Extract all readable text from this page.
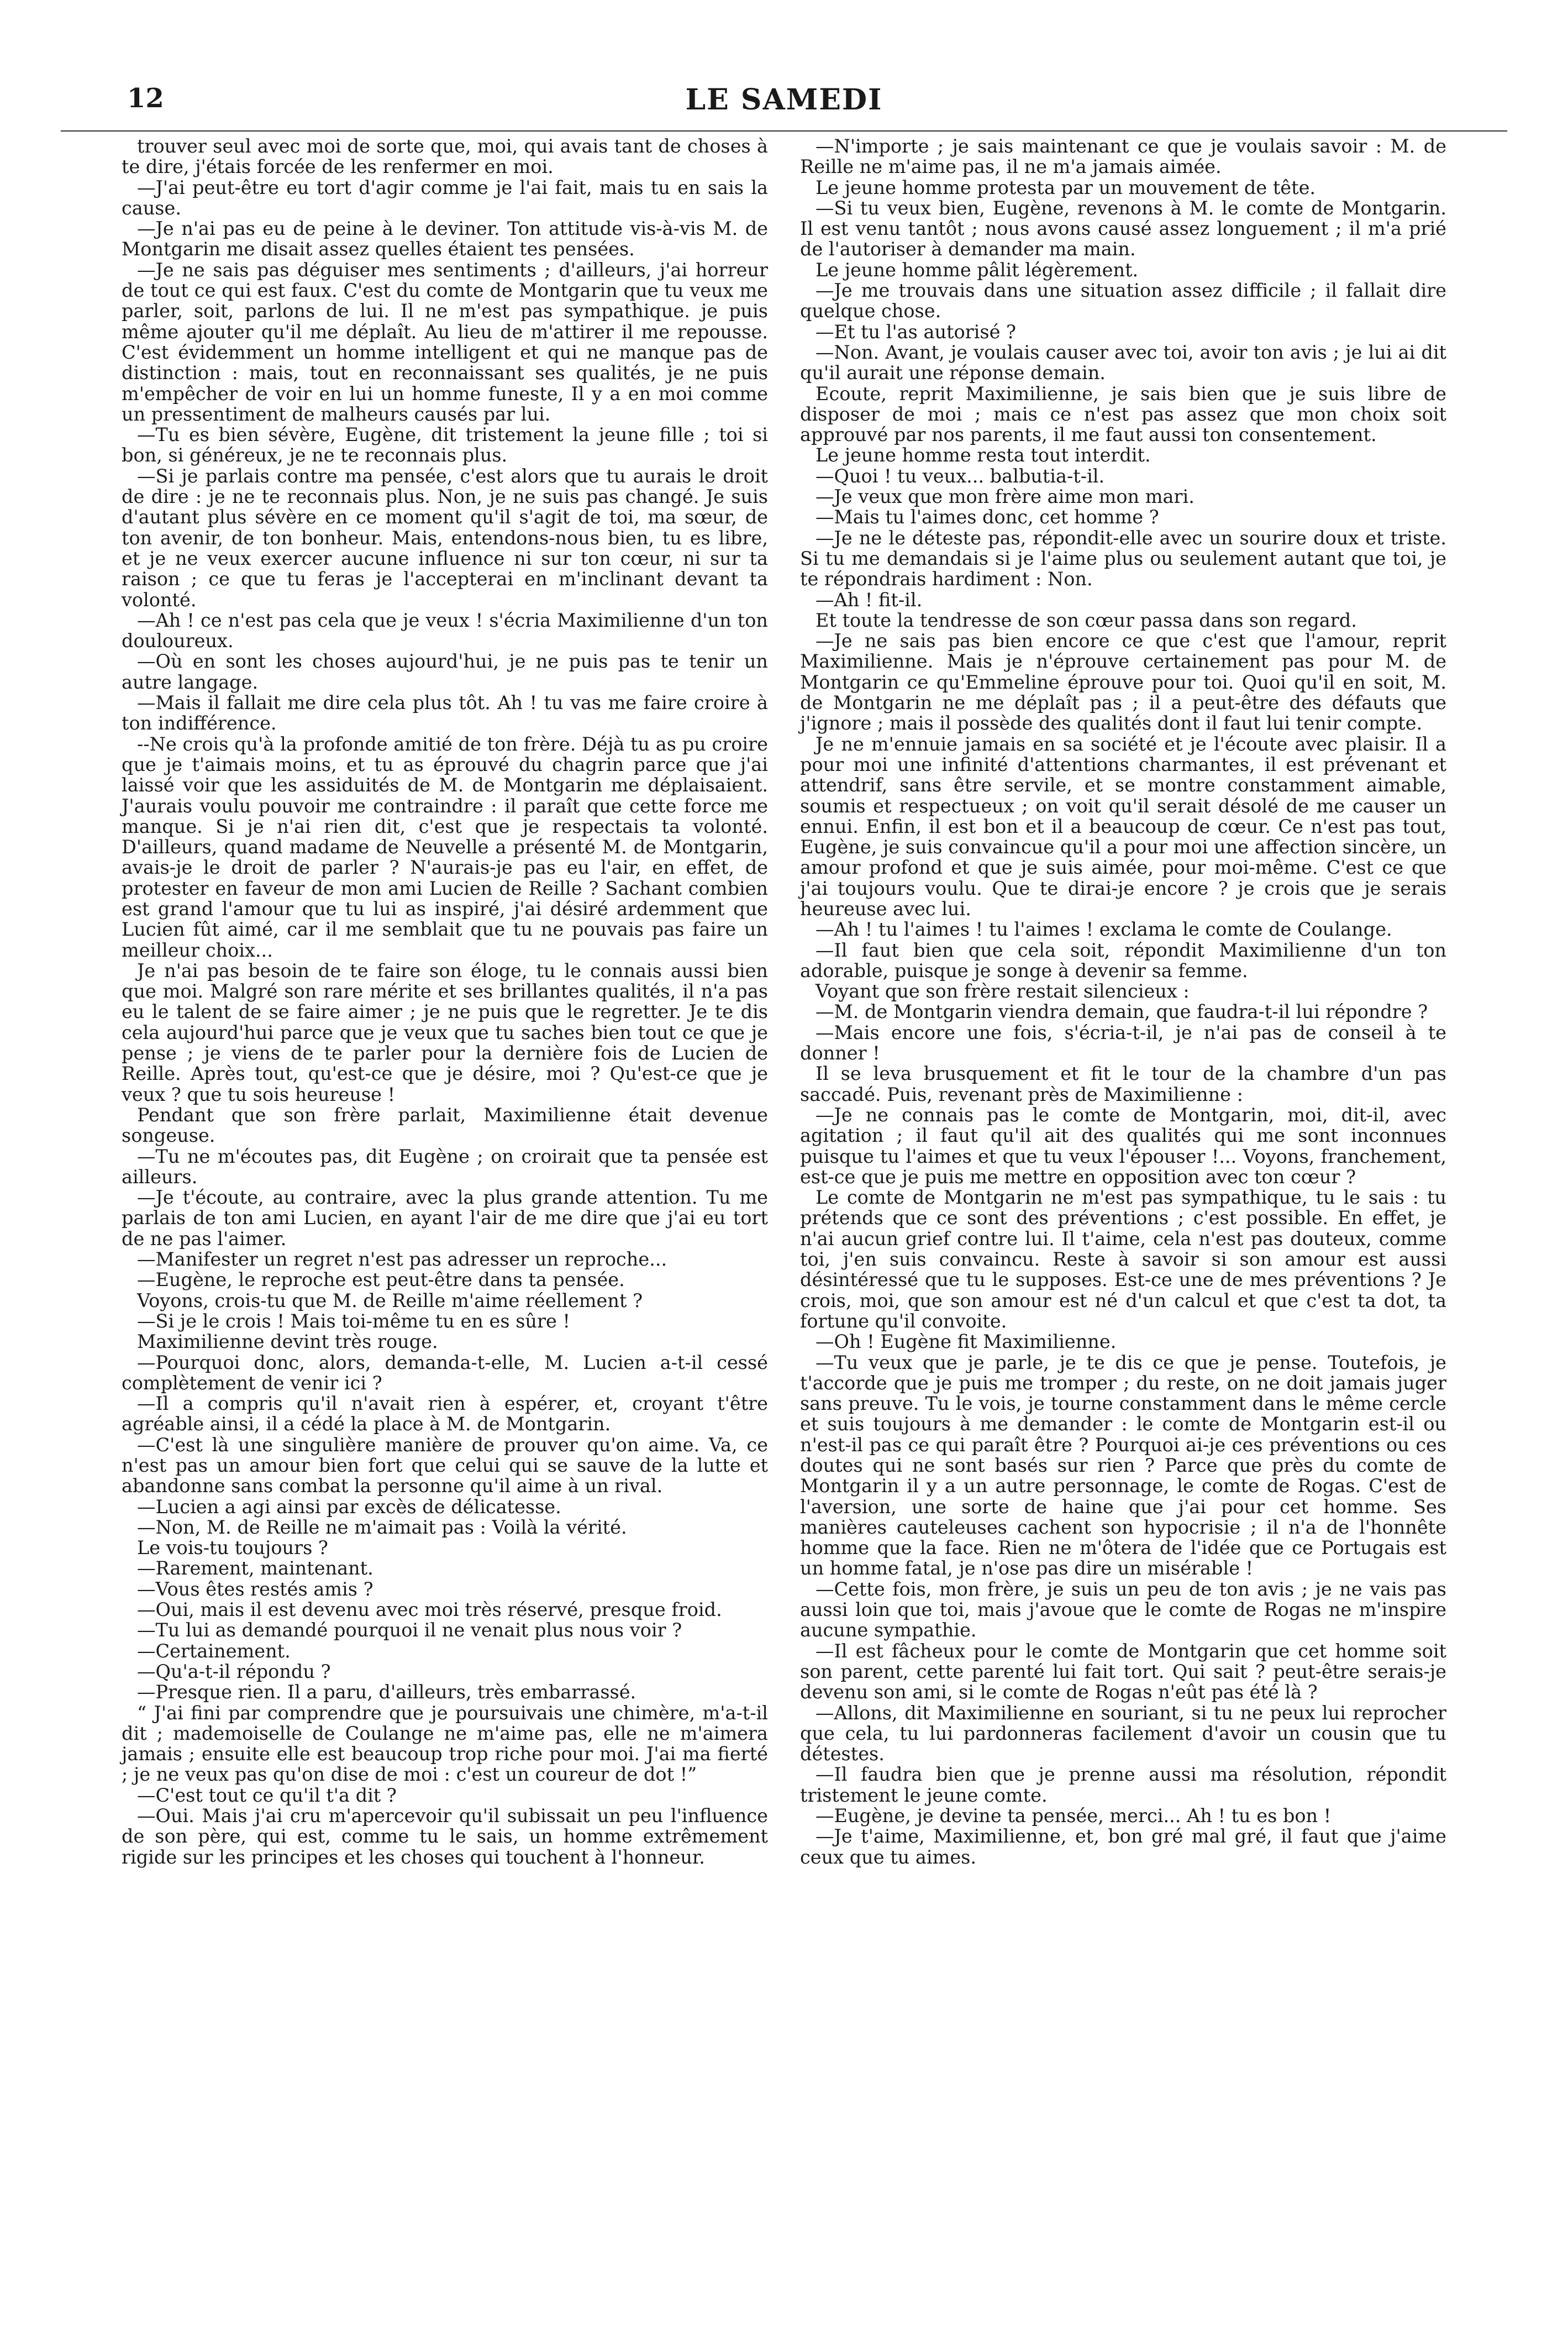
12	LE SAMEDI

trouver seul avec moi de sorte que, moi, qui avais tant de choses à te dire, j'étais forcée de les renfermer en moi.

—J'ai peut-être eu tort d'agir comme je l'ai fait, mais tu en sais la cause.

—Je n'ai pas eu de peine à le deviner. Ton attitude vis-à-vis M. de Montgarin me disait assez quelles étaient tes pensées.

—Je ne sais pas déguiser mes sentiments ; d'ailleurs, j'ai horreur de tout ce qui est faux. C'est du comte de Montgarin que tu veux me parler, soit, parlons de lui. Il ne m'est pas sympathique. je puis même ajouter qu'il me déplaît. Au lieu de m'attirer il me repousse. C'est évidemment un homme intelligent et qui ne manque pas de distinction : mais, tout en reconnaissant ses qualités, je ne puis m'empêcher de voir en lui un homme funeste, Il y a en moi comme un pressentiment de malheurs causés par lui.

—Tu es bien sévère, Eugène, dit tristement la jeune fille ; toi si bon, si généreux, je ne te reconnais plus.

—Si je parlais contre ma pensée, c'est alors que tu aurais le droit de dire : je ne te reconnais plus. Non, je ne suis pas changé. Je suis d'autant plus sévère en ce moment qu'il s'agit de toi, ma sœur, de ton avenir, de ton bonheur. Mais, entendons-nous bien, tu es libre, et je ne veux exercer aucune influence ni sur ton cœur, ni sur ta raison ; ce que tu feras je l'accepterai en m'inclinant devant ta volonté.

—Ah ! ce n'est pas cela que je veux ! s'écria Maximilienne d'un ton douloureux.

—Où en sont les choses aujourd'hui, je ne puis pas te tenir un autre langage.

—Mais il fallait me dire cela plus tôt. Ah ! tu vas me faire croire à ton indifférence.

--Ne crois qu'à la profonde amitié de ton frère. Déjà tu as pu croire que je t'aimais moins, et tu as éprouvé du chagrin parce que j'ai laissé voir que les assiduités de M. de Montgarin me déplaisaient. J'aurais voulu pouvoir me contraindre : il paraît que cette force me manque. Si je n'ai rien dit, c'est que je respectais ta volonté. D'ailleurs, quand madame de Neuvelle a présenté M. de Montgarin, avais-je le droit de parler ? N'aurais-je pas eu l'air, en effet, de protester en faveur de mon ami Lucien de Reille ? Sachant combien est grand l'amour que tu lui as inspiré, j'ai désiré ardemment que Lucien fût aimé, car il me semblait que tu ne pouvais pas faire un meilleur choix...

Je n'ai pas besoin de te faire son éloge, tu le connais aussi bien que moi. Malgré son rare mérite et ses brillantes qualités, il n'a pas eu le talent de se faire aimer ; je ne puis que le regretter. Je te dis cela aujourd'hui parce que je veux que tu saches bien tout ce que je pense ; je viens de te parler pour la dernière fois de Lucien de Reille. Après tout, qu'est-ce que je désire, moi ? Qu'est-ce que je veux ? que tu sois heureuse !

Pendant que son frère parlait, Maximilienne était devenue songeuse.

—Tu ne m'écoutes pas, dit Eugène ; on croirait que ta pensée est ailleurs.

—Je t'écoute, au contraire, avec la plus grande attention. Tu me parlais de ton ami Lucien, en ayant l'air de me dire que j'ai eu tort de ne pas l'aimer.

—Manifester un regret n'est pas adresser un reproche...

—Eugène, le reproche est peut-être dans ta pensée.

Voyons, crois-tu que M. de Reille m'aime réellement ?

—Si je le crois ! Mais toi-même tu en es sûre !

Maximilienne devint très rouge.

—Pourquoi donc, alors, demanda-t-elle, M. Lucien a-t-il cessé complètement de venir ici ?

—Il a compris qu'il n'avait rien à espérer, et, croyant t'être agréable ainsi, il a cédé la place à M. de Montgarin.

—C'est là une singulière manière de prouver qu'on aime. Va, ce n'est pas un amour bien fort que celui qui se sauve de la lutte et abandonne sans combat la personne qu'il aime à un rival.

—Lucien a agi ainsi par excès de délicatesse.

—Non, M. de Reille ne m'aimait pas : Voilà la vérité.

Le vois-tu toujours ?

—Rarement, maintenant.

—Vous êtes restés amis ?

—Oui, mais il est devenu avec moi très réservé, presque froid.

—Tu lui as demandé pourquoi il ne venait plus nous voir ?

—Certainement.

—Qu'a-t-il répondu ?

—Presque rien. Il a paru, d'ailleurs, très embarrassé.

“ J'ai fini par comprendre que je poursuivais une chimère, m'a-t-il dit ; mademoiselle de Coulange ne m'aime pas, elle ne m'aimera jamais ; ensuite elle est beaucoup trop riche pour moi. J'ai ma fierté ; je ne veux pas qu'on dise de moi : c'est un coureur de dot !”

—C'est tout ce qu'il t'a dit ?

—Oui. Mais j'ai cru m'apercevoir qu'il subissait un peu l'influence de son père, qui est, comme tu le sais, un homme extrêmement rigide sur les principes et les choses qui touchent à l'honneur.

—N'importe ; je sais maintenant ce que je voulais savoir : M. de Reille ne m'aime pas, il ne m'a jamais aimée.

Le jeune homme protesta par un mouvement de tête.

—Si tu veux bien, Eugène, revenons à M. le comte de Montgarin. Il est venu tantôt ; nous avons causé assez longuement ; il m'a prié de l'autoriser à demander ma main.

Le jeune homme pâlit légèrement.

—Je me trouvais dans une situation assez difficile ; il fallait dire quelque chose.

—Et tu l'as autorisé ?

—Non. Avant, je voulais causer avec toi, avoir ton avis ; je lui ai dit qu'il aurait une réponse demain.

Ecoute, reprit Maximilienne, je sais bien que je suis libre de disposer de moi ; mais ce n'est pas assez que mon choix soit approuvé par nos parents, il me faut aussi ton consentement.

Le jeune homme resta tout interdit.

—Quoi ! tu veux... balbutia-t-il.

—Je veux que mon frère aime mon mari.

—Mais tu l'aimes donc, cet homme ?

—Je ne le déteste pas, répondit-elle avec un sourire doux et triste. Si tu me demandais si je l'aime plus ou seulement autant que toi, je te répondrais hardiment : Non.

—Ah ! fit-il.

Et toute la tendresse de son cœur passa dans son regard.

—Je ne sais pas bien encore ce que c'est que l'amour, reprit Maximilienne. Mais je n'éprouve certainement pas pour M. de Montgarin ce qu'Emmeline éprouve pour toi. Quoi qu'il en soit, M. de Montgarin ne me déplaît pas ; il a peut-être des défauts que j'ignore ; mais il possède des qualités dont il faut lui tenir compte.

Je ne m'ennuie jamais en sa société et je l'écoute avec plaisir. Il a pour moi une infinité d'attentions charmantes, il est prévenant et attendrif, sans être servile, et se montre constamment aimable, soumis et respectueux ; on voit qu'il serait désolé de me causer un ennui. Enfin, il est bon et il a beaucoup de cœur. Ce n'est pas tout, Eugène, je suis convaincue qu'il a pour moi une affection sincère, un amour profond et que je suis aimée, pour moi-même. C'est ce que j'ai toujours voulu. Que te dirai-je encore ? je crois que je serais heureuse avec lui.

—Ah ! tu l'aimes ! tu l'aimes ! exclama le comte de Coulange.

—Il faut bien que cela soit, répondit Maximilienne d'un ton adorable, puisque je songe à devenir sa femme.

Voyant que son frère restait silencieux :

—M. de Montgarin viendra demain, que faudra-t-il lui répondre ?

—Mais encore une fois, s'écria-t-il, je n'ai pas de conseil à te donner !

Il se leva brusquement et fit le tour de la chambre d'un pas saccadé. Puis, revenant près de Maximilienne :

—Je ne connais pas le comte de Montgarin, moi, dit-il, avec agitation ; il faut qu'il ait des qualités qui me sont inconnues puisque tu l'aimes et que tu veux l'épouser !... Voyons, franchement, est-ce que je puis me mettre en opposition avec ton cœur ?

Le comte de Montgarin ne m'est pas sympathique, tu le sais : tu prétends que ce sont des préventions ; c'est possible. En effet, je n'ai aucun grief contre lui. Il t'aime, cela n'est pas douteux, comme toi, j'en suis convaincu. Reste à savoir si son amour est aussi désintéressé que tu le supposes. Est-ce une de mes préventions ? Je crois, moi, que son amour est né d'un calcul et que c'est ta dot, ta fortune qu'il convoite.

—Oh ! Eugène fit Maximilienne.

—Tu veux que je parle, je te dis ce que je pense. Toutefois, je t'accorde que je puis me tromper ; du reste, on ne doit jamais juger sans preuve. Tu le vois, je tourne constamment dans le même cercle et suis toujours à me demander : le comte de Montgarin est-il ou n'est-il pas ce qui paraît être ? Pourquoi ai-je ces préventions ou ces doutes qui ne sont basés sur rien ? Parce que près du comte de Montgarin il y a un autre personnage, le comte de Rogas. C'est de l'aversion, une sorte de haine que j'ai pour cet homme. Ses manières cauteleuses cachent son hypocrisie ; il n'a de l'honnête homme que la face. Rien ne m'ôtera de l'idée que ce Portugais est un homme fatal, je n'ose pas dire un misérable !

—Cette fois, mon frère, je suis un peu de ton avis ; je ne vais pas aussi loin que toi, mais j'avoue que le comte de Rogas ne m'inspire aucune sympathie.

—Il est fâcheux pour le comte de Montgarin que cet homme soit son parent, cette parenté lui fait tort. Qui sait ? peut-être serais-je devenu son ami, si le comte de Rogas n'eût pas été là ?

—Allons, dit Maximilienne en souriant, si tu ne peux lui reprocher que cela, tu lui pardonneras facilement d'avoir un cousin que tu détestes.

—Il faudra bien que je prenne aussi ma résolution, répondit tristement le jeune comte.

—Eugène, je devine ta pensée, merci... Ah ! tu es bon !

—Je t'aime, Maximilienne, et, bon gré mal gré, il faut que j'aime ceux que tu aimes.
